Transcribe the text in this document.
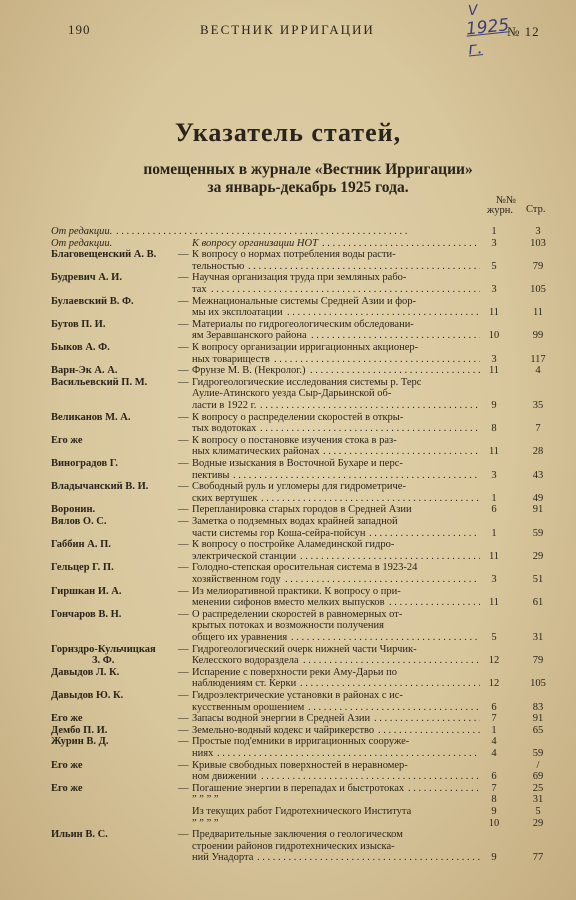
190	ВЕСТНИК ИРРИГАЦИИ	№ 12
V
1925 г.
Указатель статей,
помещенных в журнале «Вестник Ирригации»
за январь-декабрь 1925 года.
№№
журн.	Стр.
От редакции. . . .	1	3
От редакции.	К вопросу организации НОТ . . .	3	103
Благовещенский А. В. — К вопросу о нормах потребления воды расти-
тельностью . . .	5	79
Будревич А. И.	— Научная организация труда при земляных рабо-
тах . . .	3	105
Булаевский В. Ф.	— Межнациональные системы Средней Азии и фор-
мы их эксплоатации . . .	11	11
Бутов П. И.	— Материалы по гидрогеологическим обследовани-
ям Зеравшанского района . . .	10	99
Быков А. Ф.	— К вопросу организации ирригационных акционер-
ных товариществ . . .	3	117
Варн-Эк А. А.	— Фрунзе М. В. (Некролог.) . . .	11	4
Васильевский П. М.	— Гидрогеологические исследования системы р. Терс
Аулие-Атинского уезда Сыр-Дарьинской об-
ласти в 1922 г. . . .	9	35
Великанов М. А.	— К вопросу о распределении скоростей в откры-
тых водотоках . . .	8	7
Его же	— К вопросу о постановке изучения стока в раз-
ных климатических районах . . .	11	28
Виноградов Г.	— Водные изыскания в Восточной Бухаре и перс-
пективы . . .	3	43
Владычанский В. И.	— Свободный руль и угломеры для гидрометриче-
ских вертушек . . .	1	49
Воронин.	— Перепланировка старых городов в Средней Азии	6	91
Вялов О. С.	— Заметка о подземных водах крайней западной
части системы гор Коша-сейра-пойсун . . .	1	59
Габбин А. П.	— К вопросу о постройке Аламединской гидро-
электрической станции . . .	11	29
Гельцер Г. П.	— Голодно-степская оросительная система в 1923-24
хозяйственном году . . .	3	51
Гиршкан И. А.	— Из мелиоративной практики. К вопросу о при-
менении сифонов вместо мелких выпусков . . .	11	61
Гончаров В. Н.	— О распределении скоростей в равномерных от-
крытых потоках и возможности получения
общего их уравнения . . .	5	31
Горнздро-Кульчицкая — Гидрогеологический очерк нижней части Чирчик-
З. Ф.	Келесского водораздела . . .	12	79
Давыдов Л. К.	— Испарение с поверхности реки Аму-Дарьи по
наблюдениям ст. Керки . . .	12	105
Давыдов Ю. К.	— Гидроэлектрические установки в районах с ис-
кусственным орошением . . .	6	83
Его же	— Запасы водной энергии в Средней Азии . . .	7	91
Дембо П. И.	— Земельно-водный кодекс и чайрикерство . . .	1	65
Журин В. Д.	— Простые под'емники в ирригационных сооруже-	4
ниях . . .	4	59
Его же	— Кривые свободных поверхностей в неравномер-	/
ном движении . . .	6	69
Его же	— Погашение энергии в перепадах и быстротоках . . .	7	25
” ” ” ”	8	31
Из текущих работ Гидротехнического Института	9	5
” ” ” ”	10	29
Ильин В. С.	— Предварительные заключения о геологическом
строении районов гидротехнических изыска-
ний Унадорта . . .	9	77
